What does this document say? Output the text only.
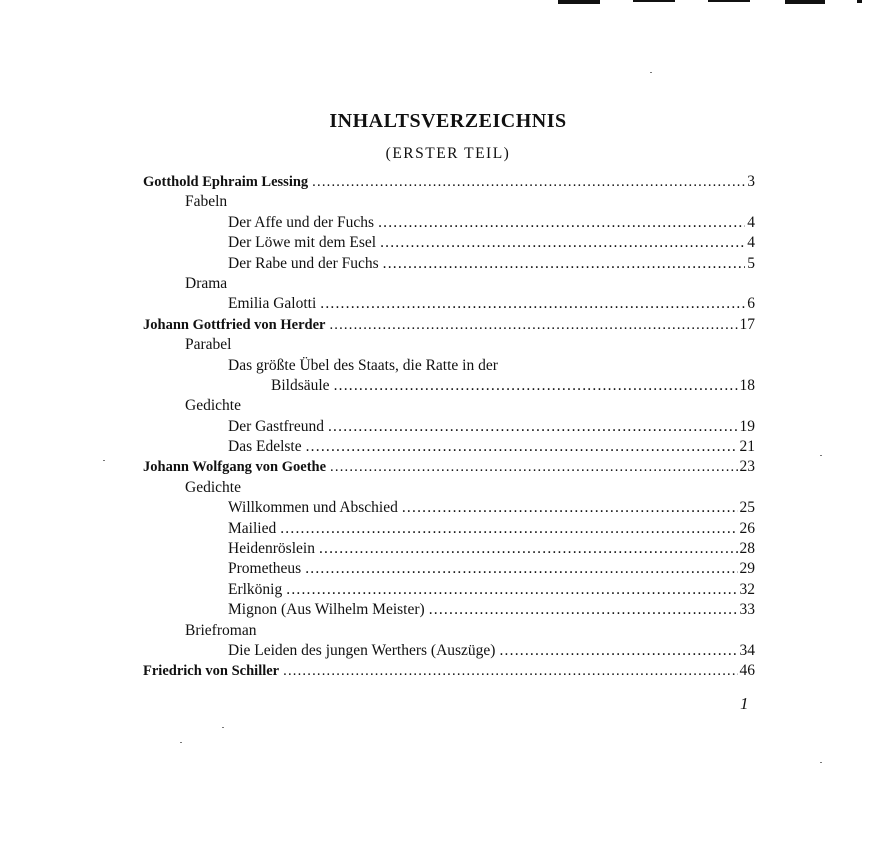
INHALTSVERZEICHNIS
(ERSTER TEIL)
Gotthold Ephraim Lessing .....	3
Fabeln
Der Affe und der Fuchs .....	4
Der Löwe mit dem Esel .....	4
Der Rabe und der Fuchs .....	5
Drama
Emilia Galotti .....	6
Johann Gottfried von Herder .....	17
Parabel
Das größte Übel des Staats, die Ratte in der
Bildsäule .....	18
Gedichte
Der Gastfreund .....	19
Das Edelste .....	21
Johann Wolfgang von Goethe .....	23
Gedichte
Willkommen und Abschied .....	25
Mailied .....	26
Heidenröslein .....	28
Prometheus .....	29
Erlkönig .....	32
Mignon (Aus Wilhelm Meister) .....	33
Briefroman
Die Leiden des jungen Werthers (Auszüge) .....	34
Friedrich von Schiller .....	46
1
